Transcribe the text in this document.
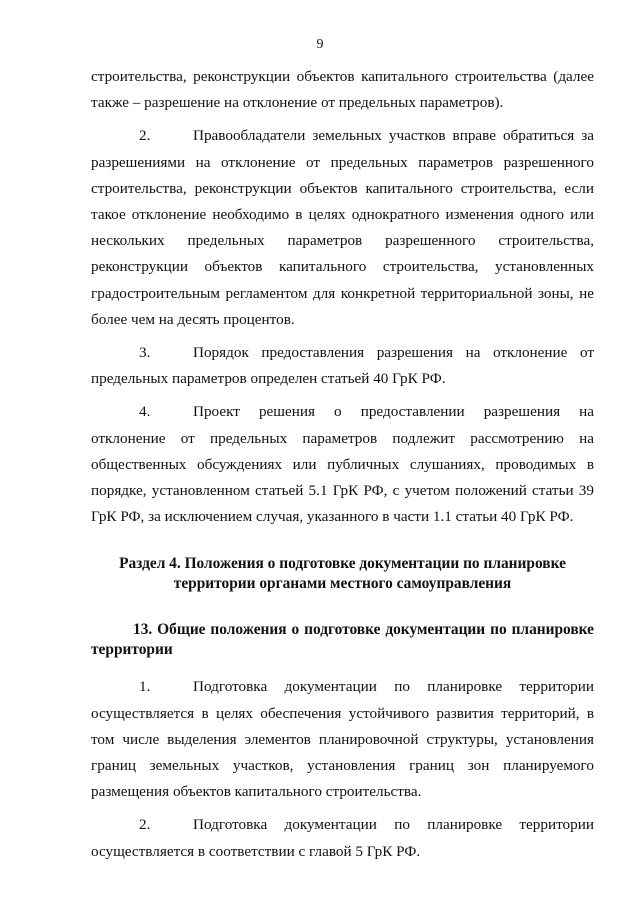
9

строительства, реконструкции объектов капитального строительства (далее также – разрешение на отклонение от предельных параметров).

2.	Правообладатели земельных участков вправе обратиться за разрешениями на отклонение от предельных параметров разрешенного строительства, реконструкции объектов капитального строительства, если такое отклонение необходимо в целях однократного изменения одного или нескольких предельных параметров разрешенного строительства, реконструкции объектов капитального строительства, установленных градостроительным регламентом для конкретной территориальной зоны, не более чем на десять процентов.

3.	Порядок предоставления разрешения на отклонение от предельных параметров определен статьей 40 ГрК РФ.

4.	Проект решения о предоставлении разрешения на отклонение от предельных параметров подлежит рассмотрению на общественных обсуждениях или публичных слушаниях, проводимых в порядке, установленном статьей 5.1 ГрК РФ, с учетом положений статьи 39 ГрК РФ, за исключением случая, указанного в части 1.1 статьи 40 ГрК РФ.

Раздел 4. Положения о подготовке документации по планировке
территории органами местного самоуправления

13. Общие положения о подготовке документации по планировке территории

1.	Подготовка документации по планировке территории осуществляется в целях обеспечения устойчивого развития территорий, в том числе выделения элементов планировочной структуры, установления границ земельных участков, установления границ зон планируемого размещения объектов капитального строительства.

2.	Подготовка документации по планировке территории осуществляется в соответствии с главой 5 ГрК РФ.
